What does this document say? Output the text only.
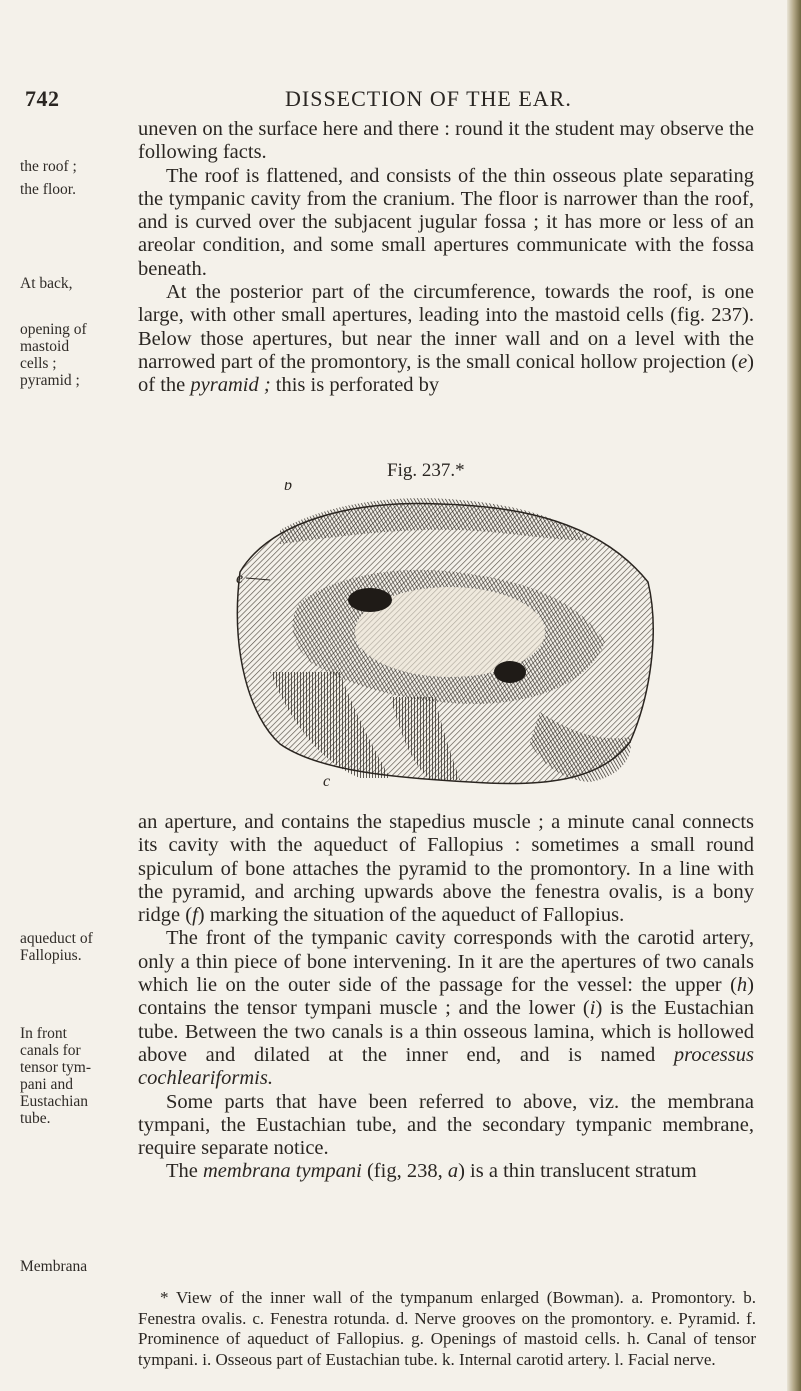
742	DISSECTION OF THE EAR.
the roof ;
the floor.
At back,
opening of
mastoid
cells ;
pyramid ;
aqueduct of
Fallopius.
In front
canals for
tensor tym-
pani and
Eustachian
tube.
Membrana

uneven on the surface here and there : round it the student may observe the following facts.

The roof is flattened, and consists of the thin osseous plate separating the tympanic cavity from the cranium. The floor is narrower than the roof, and is curved over the subjacent jugular fossa ; it has more or less of an areolar condition, and some small apertures communicate with the fossa beneath.

At the posterior part of the circumference, towards the roof, is one large, with other small apertures, leading into the mastoid cells (fig. 237). Below those apertures, but near the inner wall and on a level with the narrowed part of the promontory, is the small conical hollow projection (e) of the pyramid ; this is perforated by

Fig. 237.*
b
e
c

an aperture, and contains the stapedius muscle ; a minute canal connects its cavity with the aqueduct of Fallopius : sometimes a small round spiculum of bone attaches the pyramid to the promontory. In a line with the pyramid, and arching upwards above the fenestra ovalis, is a bony ridge (f) marking the situation of the aqueduct of Fallopius.

The front of the tympanic cavity corresponds with the carotid artery, only a thin piece of bone intervening. In it are the apertures of two canals which lie on the outer side of the passage for the vessel: the upper (h) contains the tensor tympani muscle ; and the lower (i) is the Eustachian tube. Between the two canals is a thin osseous lamina, which is hollowed above and dilated at the inner end, and is named processus cochleariformis.

Some parts that have been referred to above, viz. the membrana tympani, the Eustachian tube, and the secondary tympanic membrane, require separate notice.

The membrana tympani (fig, 238, a) is a thin translucent stratum

* View of the inner wall of the tympanum enlarged (Bowman). a. Promontory. b. Fenestra ovalis. c. Fenestra rotunda. d. Nerve grooves on the promontory. e. Pyramid. f. Prominence of aqueduct of Fallopius. g. Openings of mastoid cells. h. Canal of tensor tympani. i. Osseous part of Eustachian tube. k. Internal carotid artery. l. Facial nerve.
